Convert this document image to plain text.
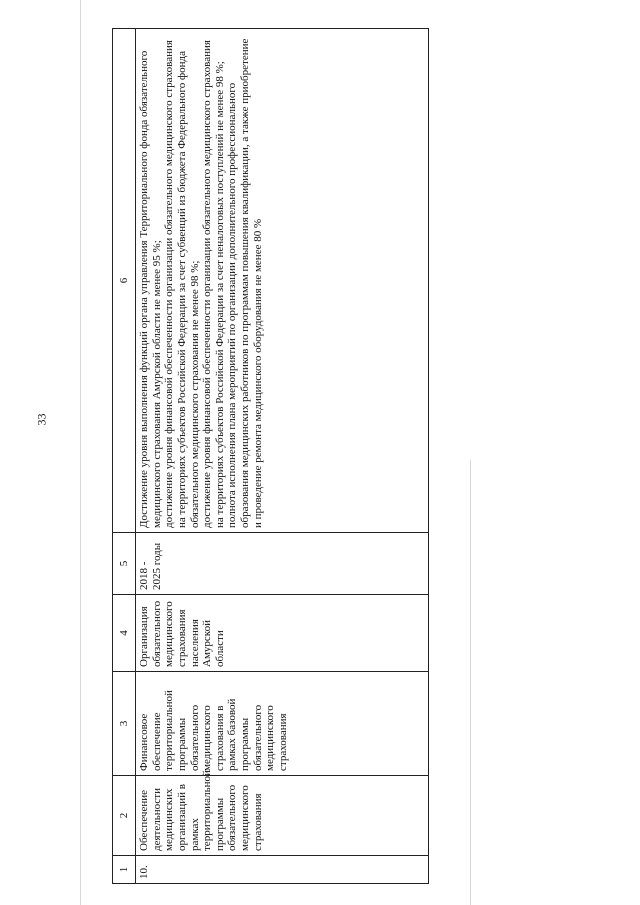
33
1	2	3	4	5	6
10.	Обеспечение деятельности медицинских организаций в рамках территориальной программы обязательного медицинского страхования	Финансовое обеспечение территориальной программы обязательного медицинского страхования в рамках базовой программы обязательного медицинского страхования	Организация обязательного медицинского страхования населения Амурской области	2018 - 2025 годы	Достижение уровня выполнения функций органа управления Территориального фонда обязательного медицинского страхования Амурской области не менее 95 %; достижение уровня финансовой обеспеченности организации обязательного медицинского страхования на территориях субъектов Российской Федерации за счет субвенций из бюджета Федерального фонда обязательного медицинского страхования не менее 98 %; достижение уровня финансовой обеспеченности организации обязательного медицинского страхования на территориях субъектов Российской Федерации за счет неналоговых поступлений не менее 98 %; полнота исполнения плана мероприятий по организации дополнительного профессионального образования медицинских работников по программам повышения квалификации, а также приобретение и проведение ремонта медицинского оборудования не менее 80 %
